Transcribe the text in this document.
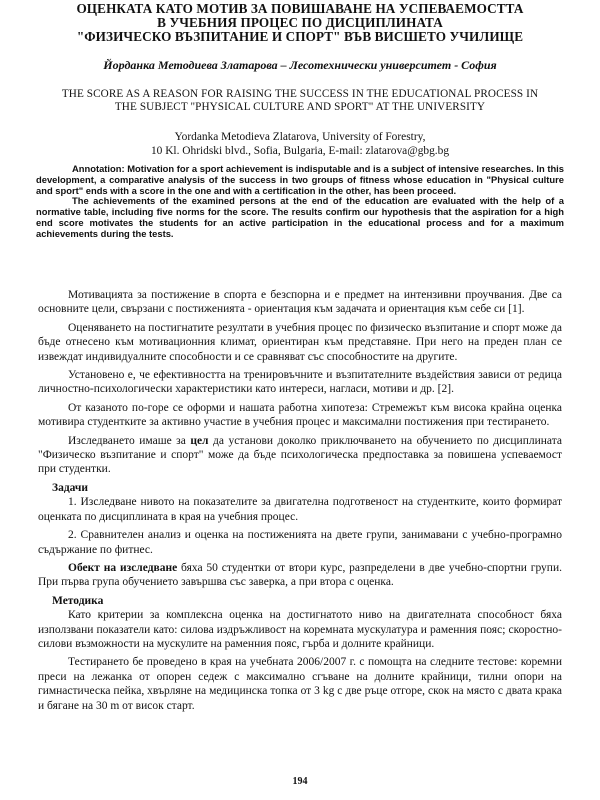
ОЦЕНКАТА КАТО МОТИВ ЗА ПОВИШАВАНЕ НА УСПЕВАЕМОСТТА
В УЧЕБНИЯ ПРОЦЕС ПО ДИСЦИПЛИНАТА
"ФИЗИЧЕСКО ВЪЗПИТАНИЕ И СПОРТ" ВЪВ ВИСШЕТО УЧИЛИЩЕ

Йорданка Методиева Златарова – Лесотехнически университет - София

THE SCORE AS A REASON FOR RAISING THE SUCCESS IN THE EDUCATIONAL PROCESS IN
THE SUBJECT "PHYSICAL CULTURE AND SPORT" AT THE UNIVERSITY

Yordanka Metodieva Zlatarova, University of Forestry,
10 Kl. Ohridski blvd., Sofia, Bulgaria, E-mail: zlatarova@gbg.bg

Annotation: Motivation for a sport achievement is indisputable and is a subject of intensive researches. In this development, a comparative analysis of the success in two groups of fitness whose education in "Physical culture and sport" ends with a score in the one and with a certification in the other, has been proceed.

The achievements of the examined persons at the end of the education are evaluated with the help of a normative table, including five norms for the score. The results confirm our hypothesis that the aspiration for a high end score motivates the students for an active participation in the educational process and for a maximum achievements during the tests.

Мотивацията за постижение в спорта е безспорна и е предмет на интензивни проучвания. Две са основните цели, свързани с постиженията - ориентация към задачата и ориентация към себе си [1].

Оценяването на постигнатите резултати в учебния процес по физическо възпитание и спорт може да бъде отнесено към мотивационния климат, ориентиран към представяне. При него на преден план се извеждат индивидуалните способности и се сравняват със способностите на другите.

Установено е, че ефективността на тренировъчните и възпитателните въздействия зависи от редица личностно-психологически характеристики като интереси, нагласи, мотиви и др. [2].

От казаното по-горе се оформи и нашата работна хипотеза: Стремежът към висока крайна оценка мотивира студентките за активно участие в учебния процес и максимални постижения при тестирането.

Изследването имаше за цел да установи доколко приключването на обучението по дисциплината "Физическо възпитание и спорт" може да бъде психологическа предпоставка за повишена успеваемост при студентки.

Задачи

1. Изследване нивото на показателите за двигателна подготвеност на студентките, които формират оценката по дисциплината в края на учебния процес.

2. Сравнителен анализ и оценка на постиженията на двете групи, занимавани с учебно-програмно съдържание по фитнес.

Обект на изследване бяха 50 студентки от втори курс, разпределени в две учебно-спортни групи. При първа група обучението завършва със заверка, а при втора с оценка.

Методика

Като критерии за комплексна оценка на достигнатото ниво на двигателната способност бяха използвани показатели като: силова издръжливост на коремната мускулатура и раменния пояс; скоростно-силови възможности на мускулите на раменния пояс, гърба и долните крайници.

Тестирането бе проведено в края на учебната 2006/2007 г. с помощта на следните тестове: коремни преси на лежанка от опорен седеж с максимално сгъване на долните крайници, тилни опори на гимнастическа пейка, хвърляне на медицинска топка от 3 kg с две ръце отгоре, скок на място с двата крака и бягане на 30 m от висок старт.

194
